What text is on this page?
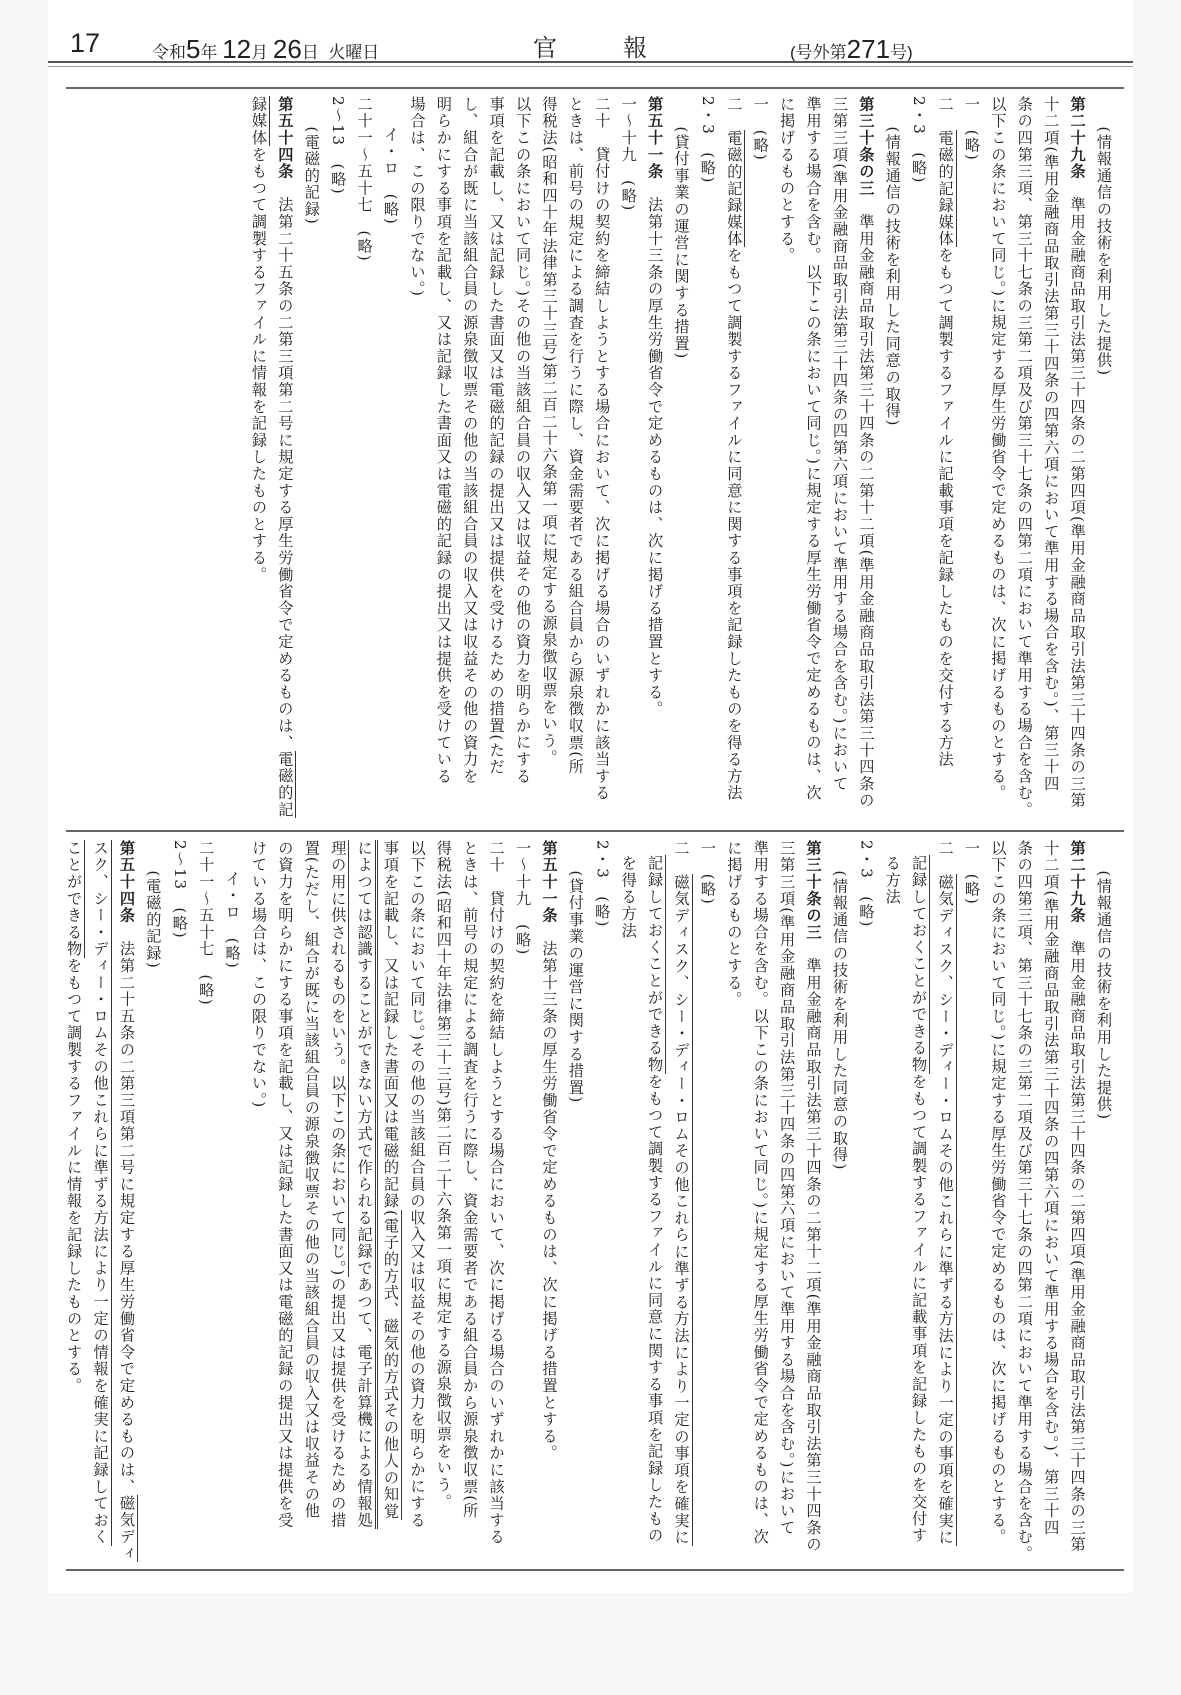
17	令和5年 12月 26日 火曜日	官	報	(号外第271号)

(情報通信の技術を利用した提供)

第二十九条　準用金融商品取引法第三十四条の二第四項(準用金融商品取引法第三十四条の三第

十二項(準用金融商品取引法第三十四条の四第六項において準用する場合を含む。)、第三十四

条の四第三項、第三十七条の三第二項及び第三十七条の四第二項において準用する場合を含む。

以下この条において同じ。)に規定する厚生労働省令で定めるものは、次に掲げるものとする。

一　(略)

二　電磁的記録媒体をもつて調製するファイルに記載事項を記録したものを交付する方法

2・3　(略)

(情報通信の技術を利用した同意の取得)

第三十条の三　準用金融商品取引法第三十四条の二第十二項(準用金融商品取引法第三十四条の

三第三項(準用金融商品取引法第三十四条の四第六項において準用する場合を含む。)において

準用する場合を含む。以下この条において同じ。)に規定する厚生労働省令で定めるものは、次

に掲げるものとする。

一　(略)

二　電磁的記録媒体をもつて調製するファイルに同意に関する事項を記録したものを得る方法

2・3　(略)

(貸付事業の運営に関する措置)

第五十一条　法第十三条の厚生労働省令で定めるものは、次に掲げる措置とする。

一～十九　(略)

二十　貸付けの契約を締結しようとする場合において、次に掲げる場合のいずれかに該当する

ときは、前号の規定による調査を行うに際し、資金需要者である組合員から源泉徴収票(所

得税法(昭和四十年法律第三十三号)第二百二十六条第一項に規定する源泉徴収票をいう。

以下この条において同じ。)その他の当該組合員の収入又は収益その他の資力を明らかにする

事項を記載し、又は記録した書面又は電磁的記録の提出又は提供を受けるための措置(ただ

し、組合が既に当該組合員の源泉徴収票その他の当該組合員の収入又は収益その他の資力を

明らかにする事項を記載し、又は記録した書面又は電磁的記録の提出又は提供を受けている

場合は、この限りでない。)

イ・ロ　(略)

二十一～五十七　(略)

2～13　(略)

(電磁的記録)

第五十四条　法第二十五条の二第三項第二号に規定する厚生労働省令で定めるものは、電磁的記

録媒体をもつて調製するファイルに情報を記録したものとする。

(情報通信の技術を利用した提供)

第二十九条　準用金融商品取引法第三十四条の二第四項(準用金融商品取引法第三十四条の三第

十二項(準用金融商品取引法第三十四条の四第六項において準用する場合を含む。)、第三十四

条の四第三項、第三十七条の三第二項及び第三十七条の四第二項において準用する場合を含む。

以下この条において同じ。)に規定する厚生労働省令で定めるものは、次に掲げるものとする。

一　(略)

二　磁気ディスク、シー・ディー・ロムその他これらに準ずる方法により一定の事項を確実に

記録しておくことができる物をもつて調製するファイルに記載事項を記録したものを交付す

る方法

2・3　(略)

(情報通信の技術を利用した同意の取得)

第三十条の三　準用金融商品取引法第三十四条の二第十二項(準用金融商品取引法第三十四条の

三第三項(準用金融商品取引法第三十四条の四第六項において準用する場合を含む。)において

準用する場合を含む。以下この条において同じ。)に規定する厚生労働省令で定めるものは、次

に掲げるものとする。

一　(略)

二　磁気ディスク、シー・ディー・ロムその他これらに準ずる方法により一定の事項を確実に

記録しておくことができる物をもつて調製するファイルに同意に関する事項を記録したもの

を得る方法

2・3　(略)

(貸付事業の運営に関する措置)

第五十一条　法第十三条の厚生労働省令で定めるものは、次に掲げる措置とする。

一～十九　(略)

二十　貸付けの契約を締結しようとする場合において、次に掲げる場合のいずれかに該当する

ときは、前号の規定による調査を行うに際し、資金需要者である組合員から源泉徴収票(所

得税法(昭和四十年法律第三十三号)第二百二十六条第一項に規定する源泉徴収票をいう。

以下この条において同じ。)その他の当該組合員の収入又は収益その他の資力を明らかにする

事項を記載し、又は記録した書面又は電磁的記録(電子的方式、磁気的方式その他人の知覚

によつては認識することができない方式で作られる記録であつて、電子計算機による情報処

理の用に供されるものをいう。以下この条において同じ。)の提出又は提供を受けるための措

置(ただし、組合が既に当該組合員の源泉徴収票その他の当該組合員の収入又は収益その他

の資力を明らかにする事項を記載し、又は記録した書面又は電磁的記録の提出又は提供を受

けている場合は、この限りでない。)

イ・ロ　(略)

二十一～五十七　(略)

2～13　(略)

(電磁的記録)

第五十四条　法第二十五条の二第三項第二号に規定する厚生労働省令で定めるものは、磁気ディ

スク、シー・ディー・ロムその他これらに準ずる方法により一定の情報を確実に記録しておく

ことができる物をもつて調製するファイルに情報を記録したものとする。
